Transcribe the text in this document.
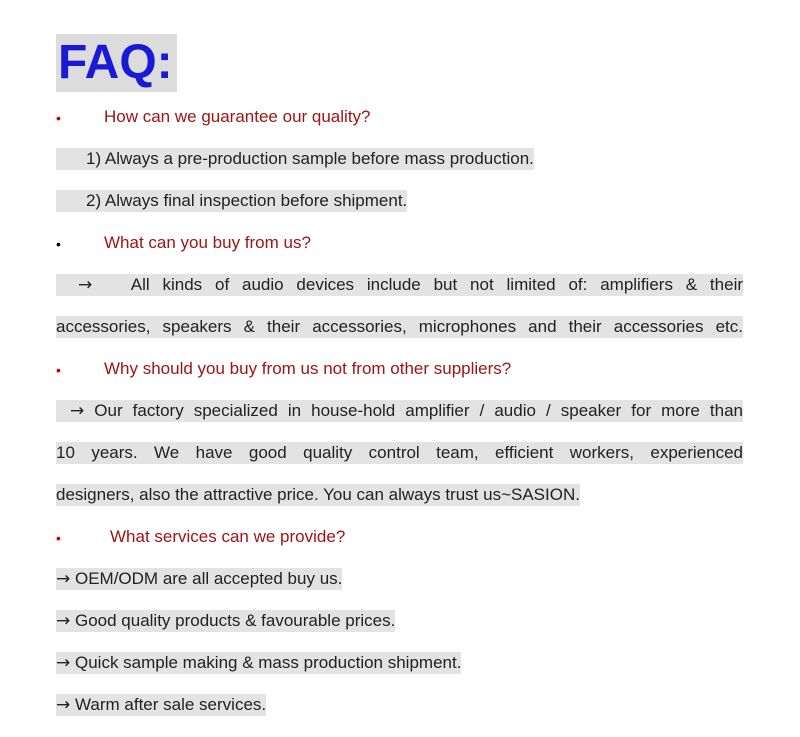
FAQ:
•	How can we guarantee our quality?
1) Always a pre-production sample before mass production.
2) Always final inspection before shipment.
•	What can you buy from us?
→ All kinds of audio devices include but not limited of: amplifiers & their
accessories, speakers & their accessories, microphones and their accessories etc.
•	Why should you buy from us not from other suppliers?
→ Our factory specialized in house-hold amplifier / audio / speaker for more than
10 years. We have good quality control team, efficient workers, experienced
designers, also the attractive price. You can always trust us~SASION.
•	What services can we provide?
→ OEM/ODM are all accepted buy us.
→ Good quality products & favourable prices.
→ Quick sample making & mass production shipment.
→ Warm after sale services.
